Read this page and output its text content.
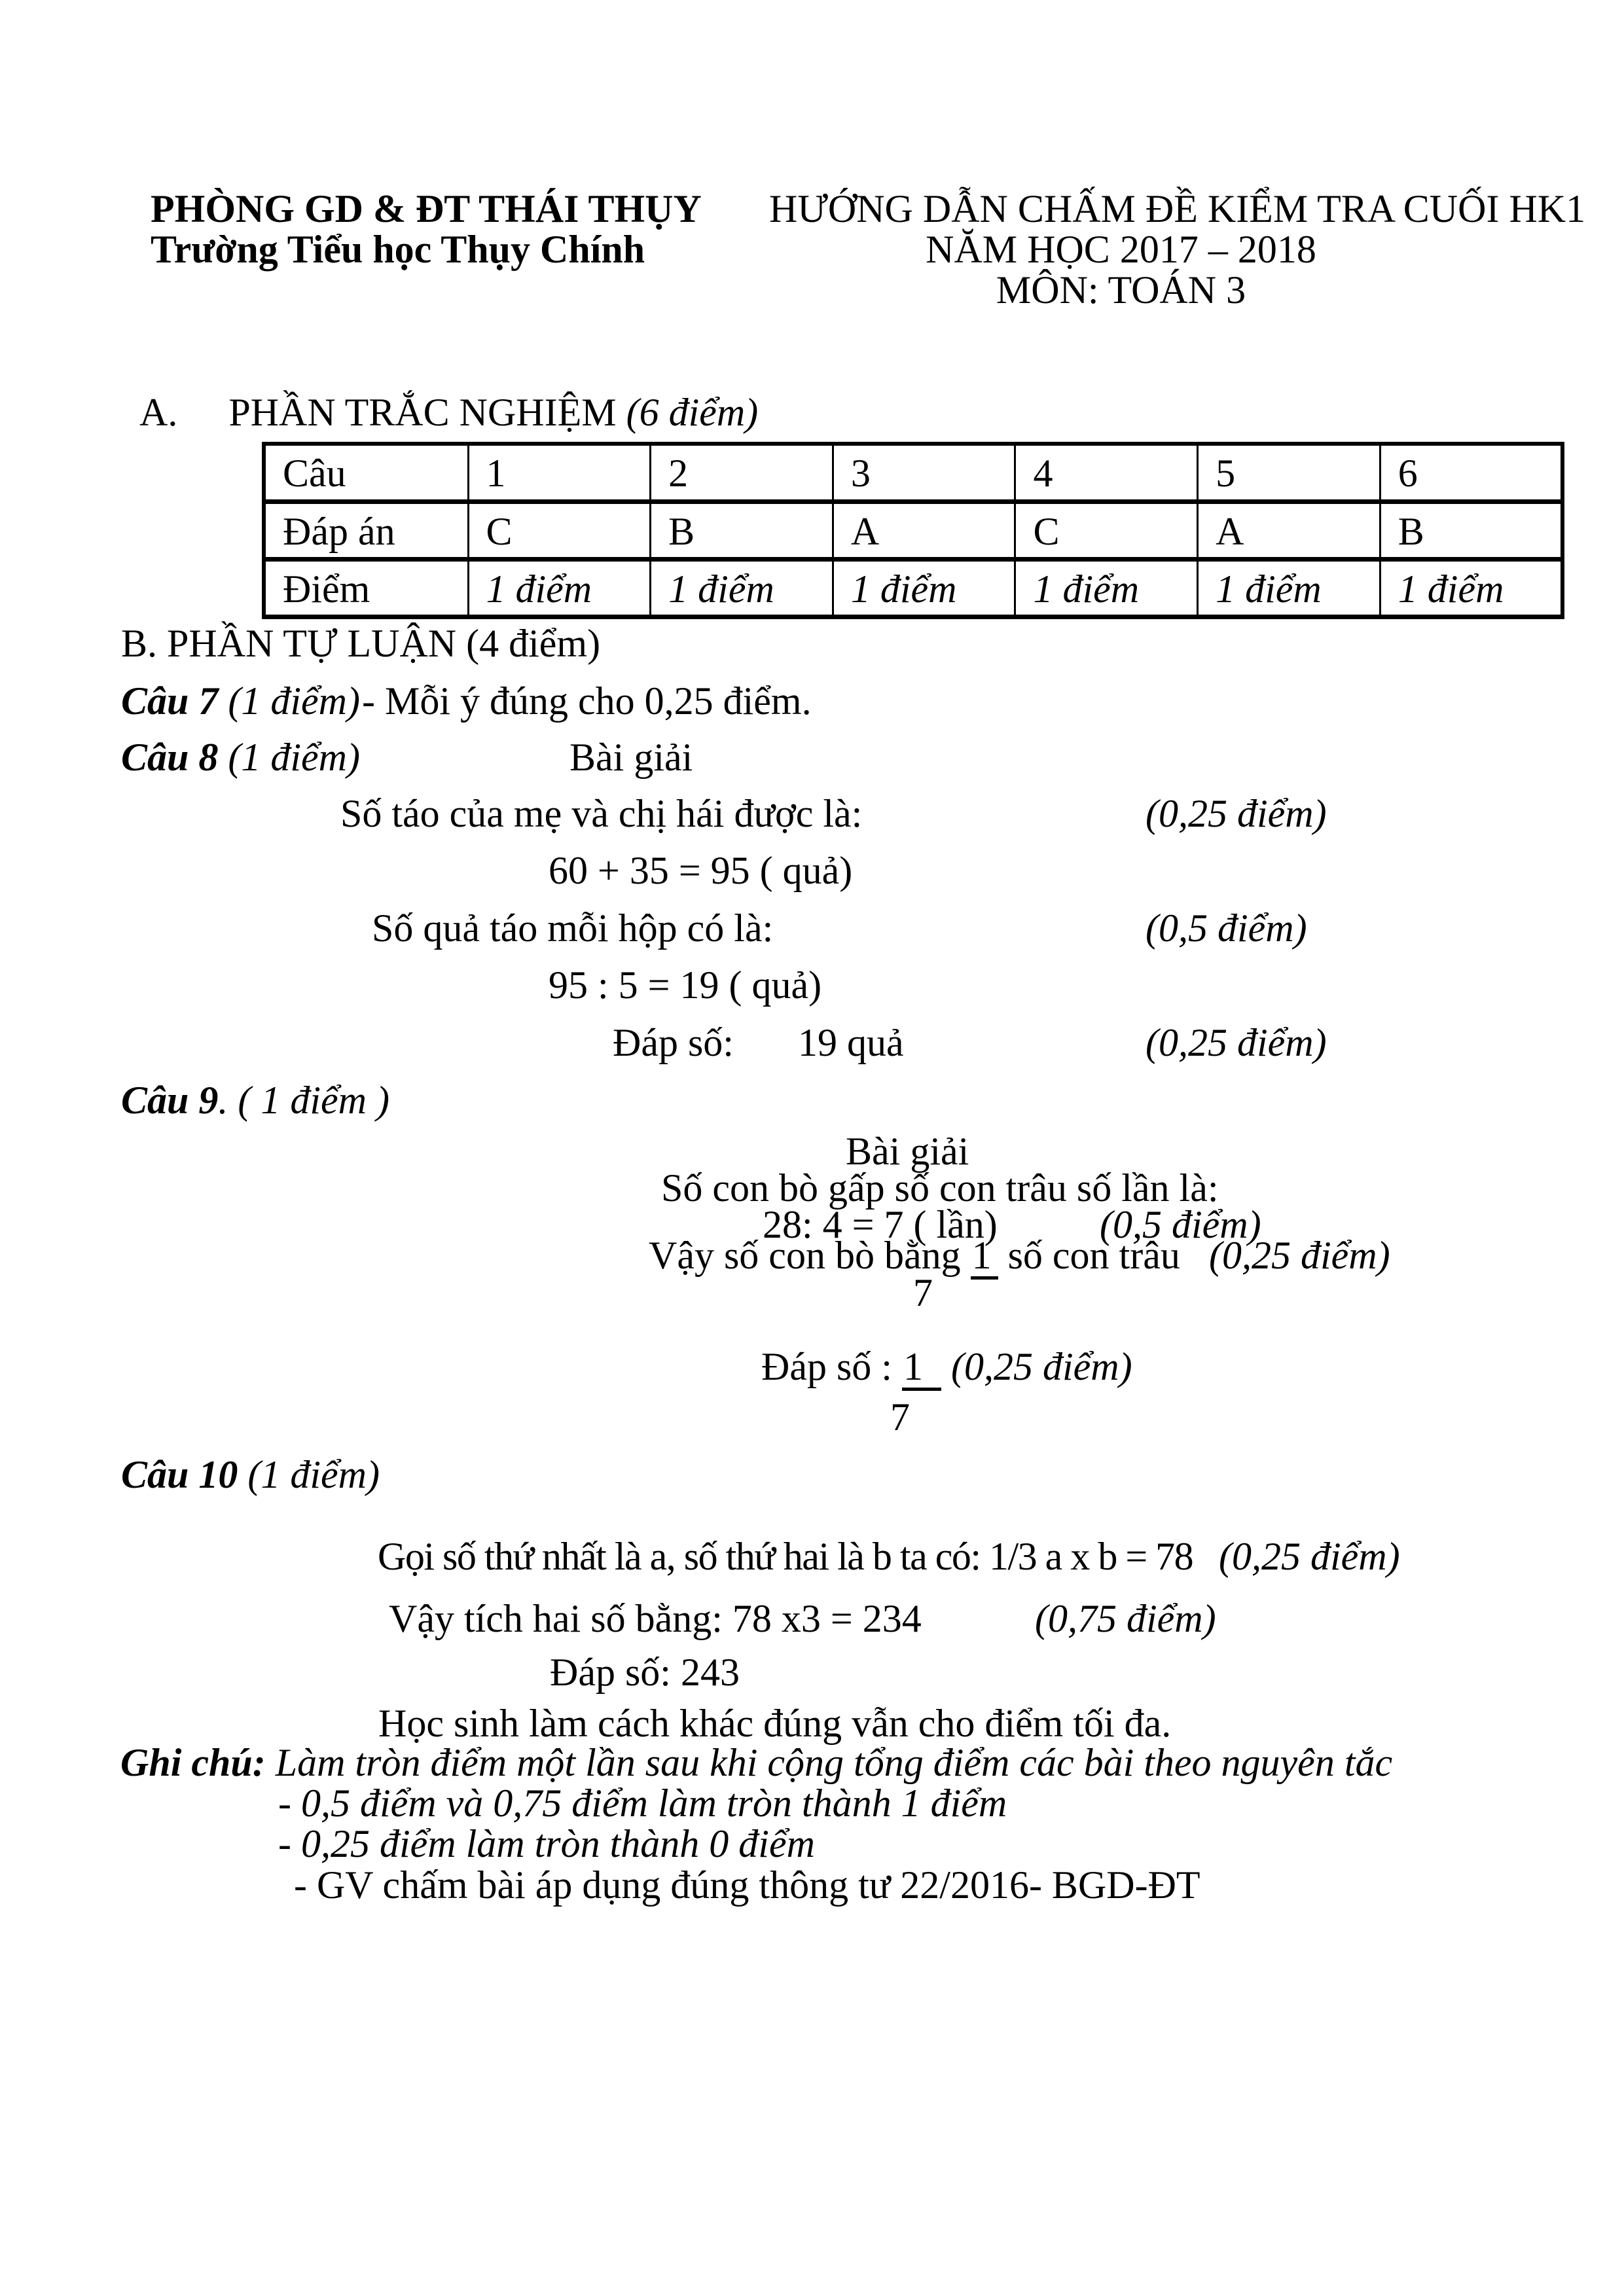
PHÒNG GD & ĐT THÁI THỤY
Trường Tiểu học Thụy Chính
HƯỚNG DẪN CHẤM ĐỀ KIỂM TRA CUỐI HK1
NĂM HỌC 2017 – 2018
MÔN: TOÁN 3
A. PHẦN TRẮC NGHIỆM (6 điểm)
Câu	1	2	3	4	5	6
Đáp án	C	B	A	C	A	B
Điểm	1 điểm	1 điểm	1 điểm	1 điểm	1 điểm	1 điểm
B. PHẦN TỰ LUẬN (4 điểm)
Câu 7 (1 điểm) - Mỗi ý đúng cho 0,25 điểm.
Câu 8 (1 điểm)	Bài giải
Số táo của mẹ và chị hái được là:	(0,25 điểm)
60 + 35 = 95 ( quả)
Số quả táo mỗi hộp có là:	(0,5 điểm)
95 : 5 = 19 ( quả)
Đáp số: 19 quả	(0,25 điểm)
Câu 9. ( 1 điểm )
Bài giải
Số con bò gấp số con trâu số lần là:
28: 4 = 7 ( lần)	(0,5 điểm)
Vậy số con bò bằng 1 số con trâu (0,25 điểm)
7
Đáp số : 1 (0,25 điểm)
7
Câu 10 (1 điểm)
Gọi số thứ nhất là a, số thứ hai là b ta có: 1/3 a x b = 78 (0,25 điểm)
Vậy tích hai số bằng: 78 x3 = 234	(0,75 điểm)
Đáp số: 243
Học sinh làm cách khác đúng vẫn cho điểm tối đa.
Ghi chú: Làm tròn điểm một lần sau khi cộng tổng điểm các bài theo nguyên tắc
- 0,5 điểm và 0,75 điểm làm tròn thành 1 điểm
- 0,25 điểm làm tròn thành 0 điểm
- GV chấm bài áp dụng đúng thông tư 22/2016- BGD-ĐT
